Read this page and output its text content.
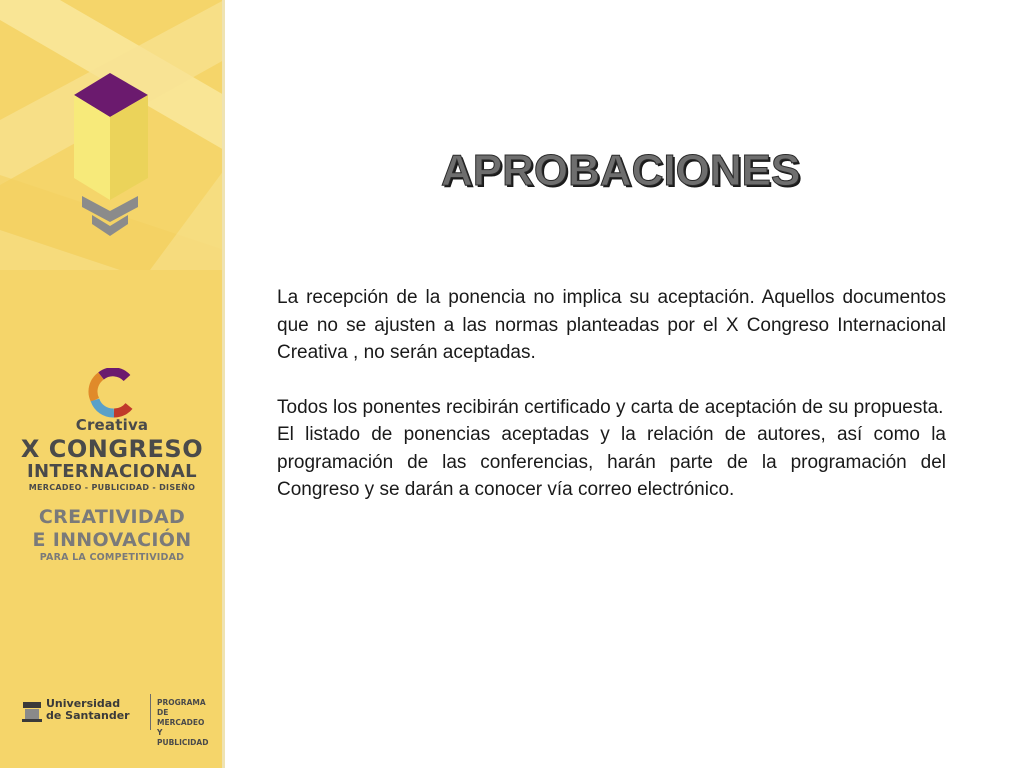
Creativa
X CONGRESO
INTERNACIONAL
MERCADEO - PUBLICIDAD - DISEÑO
CREATIVIDAD
E INNOVACIÓN
PARA LA COMPETITIVIDAD
Universidad
de Santander
PROGRAMA DE
MERCADEO Y
PUBLICIDAD
APROBACIONES

La recepción de la ponencia no implica su aceptación. Aquellos documentos que no se ajusten a las normas planteadas por el X Congreso Internacional Creativa , no serán aceptadas.

Todos los ponentes recibirán certificado y carta de aceptación de su propuesta.

El listado de ponencias aceptadas y la relación de autores, así como la programación de las conferencias, harán parte de la programación del Congreso y se darán a conocer vía correo electrónico.
